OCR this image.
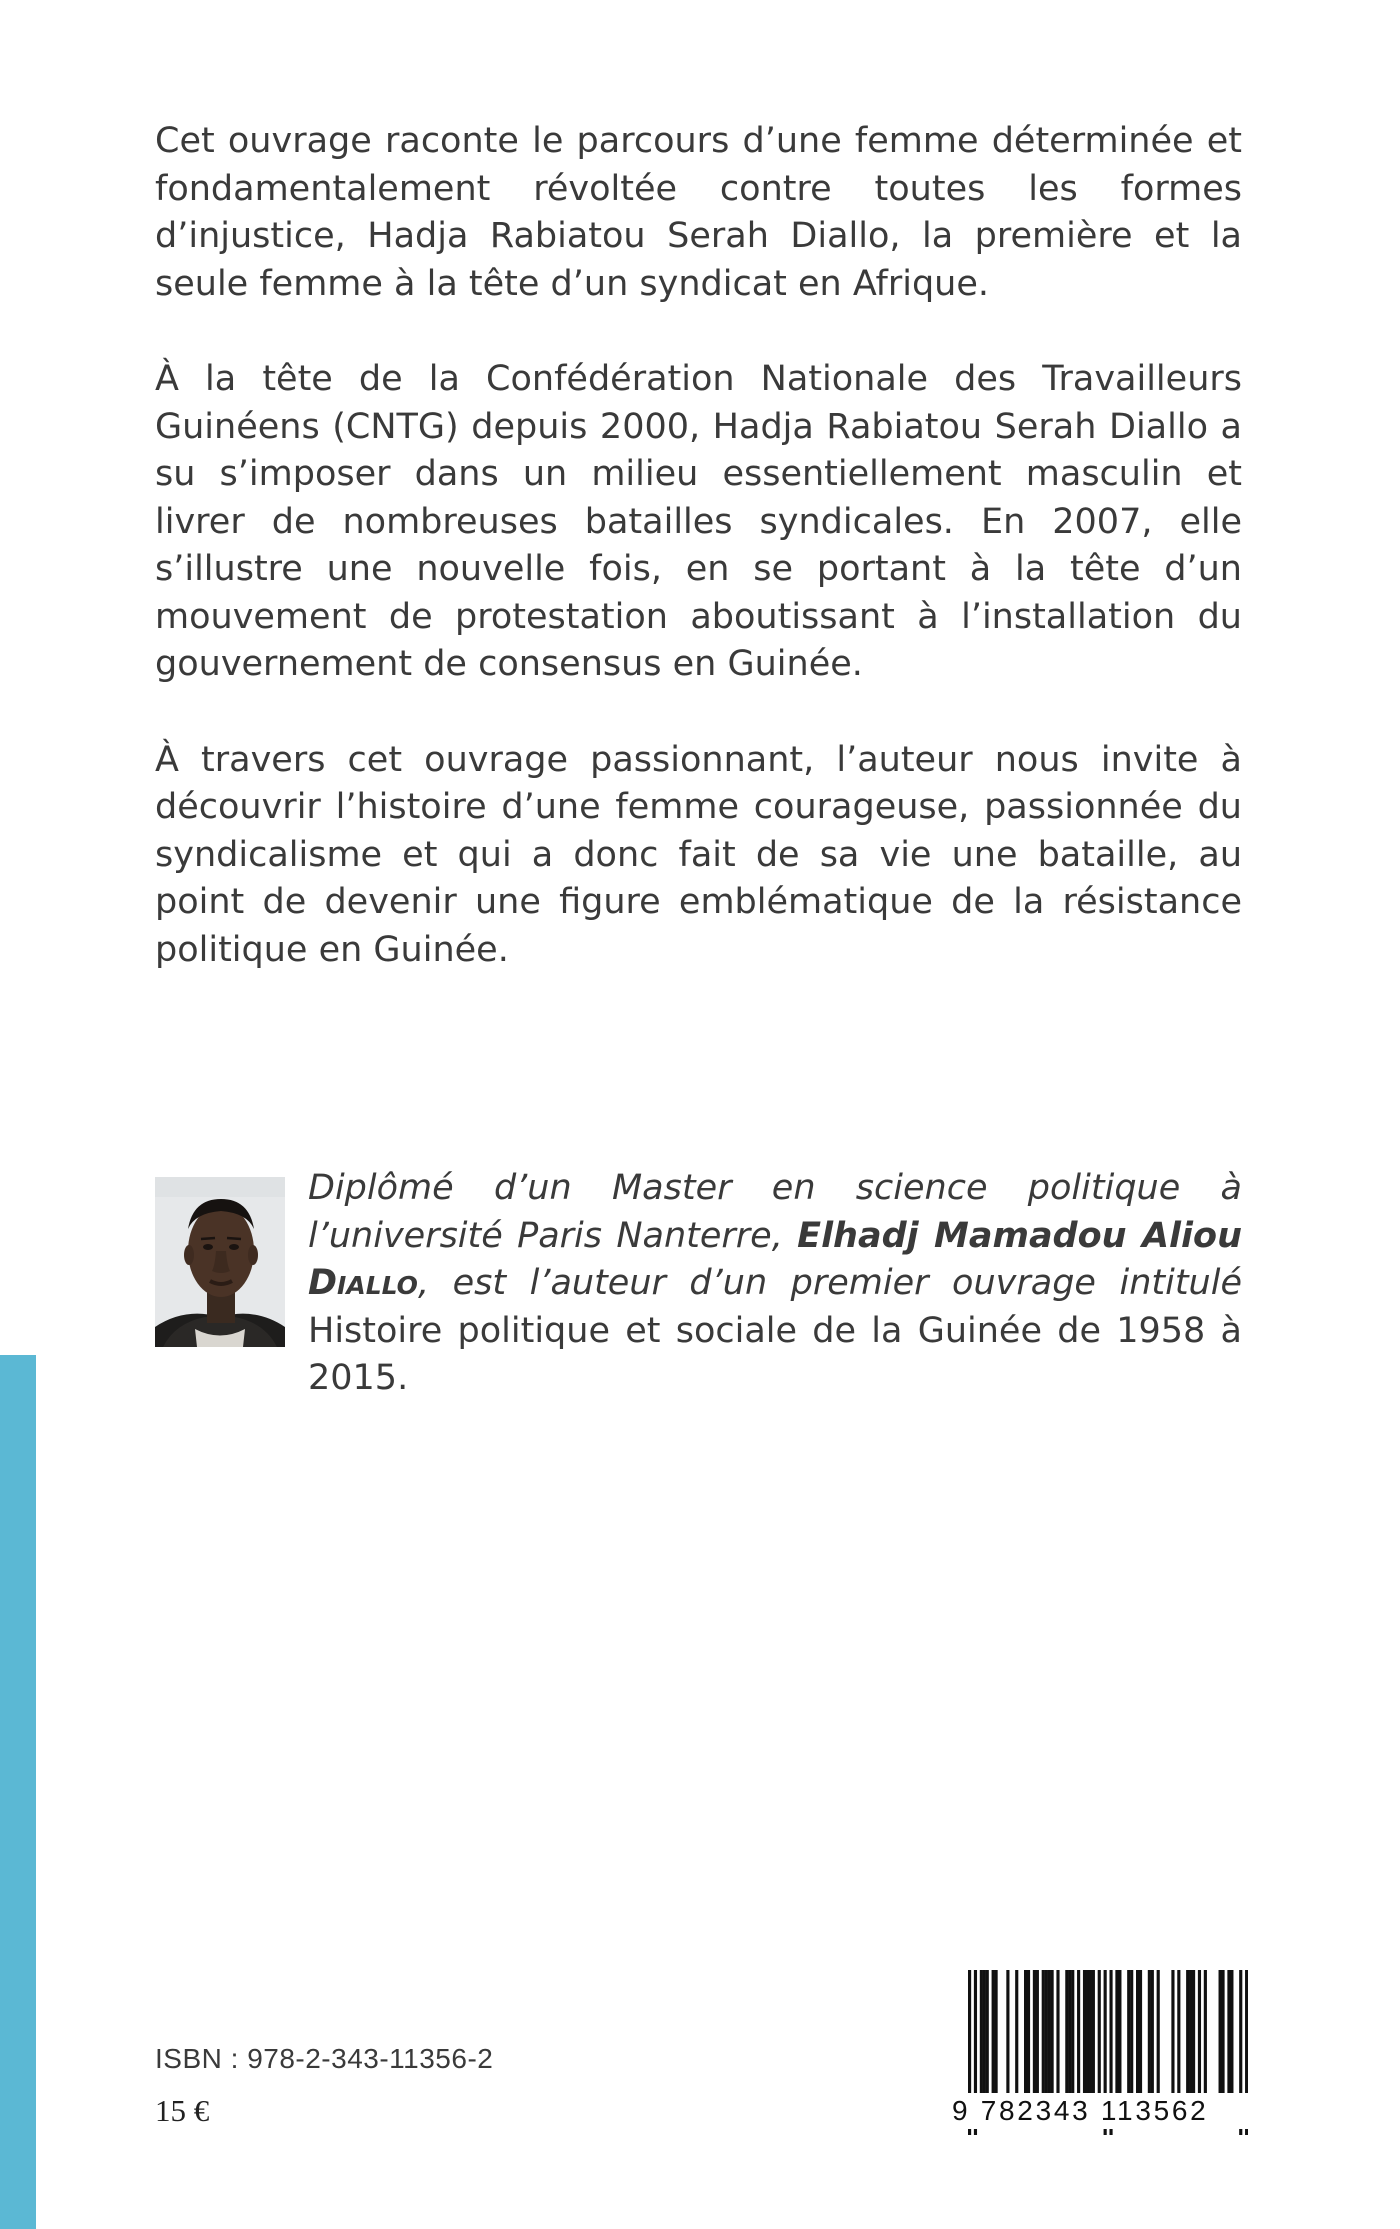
Cet ouvrage raconte le parcours d’une femme déterminée et fondamentalement révoltée contre toutes les formes d’injustice, Hadja Rabiatou Serah Diallo, la première et la seule femme à la tête d’un syndicat en Afrique.

À la tête de la Confédération Nationale des Travailleurs Guinéens (CNTG) depuis 2000, Hadja Rabiatou Serah Diallo a su s’imposer dans un milieu essentiellement masculin et livrer de nombreuses batailles syndicales. En 2007, elle s’illustre une nouvelle fois, en se portant à la tête d’un mouvement de protestation aboutissant à l’installation du gouvernement de consensus en Guinée.

À travers cet ouvrage passionnant, l’auteur nous invite à découvrir l’histoire d’une femme courageuse, passionnée du syndicalisme et qui a donc fait de sa vie une bataille, au point de devenir une figure emblématique de la résistance politique en Guinée.

Diplômé d’un Master en science politique à l’université Paris Nanterre, Elhadj Mamadou Aliou Diallo, est l’auteur d’un premier ouvrage intitulé Histoire politique et sociale de la Guinée de 1958 à 2015.
ISBN : 978-2-343-11356-2
15 €	9 782343 113562
